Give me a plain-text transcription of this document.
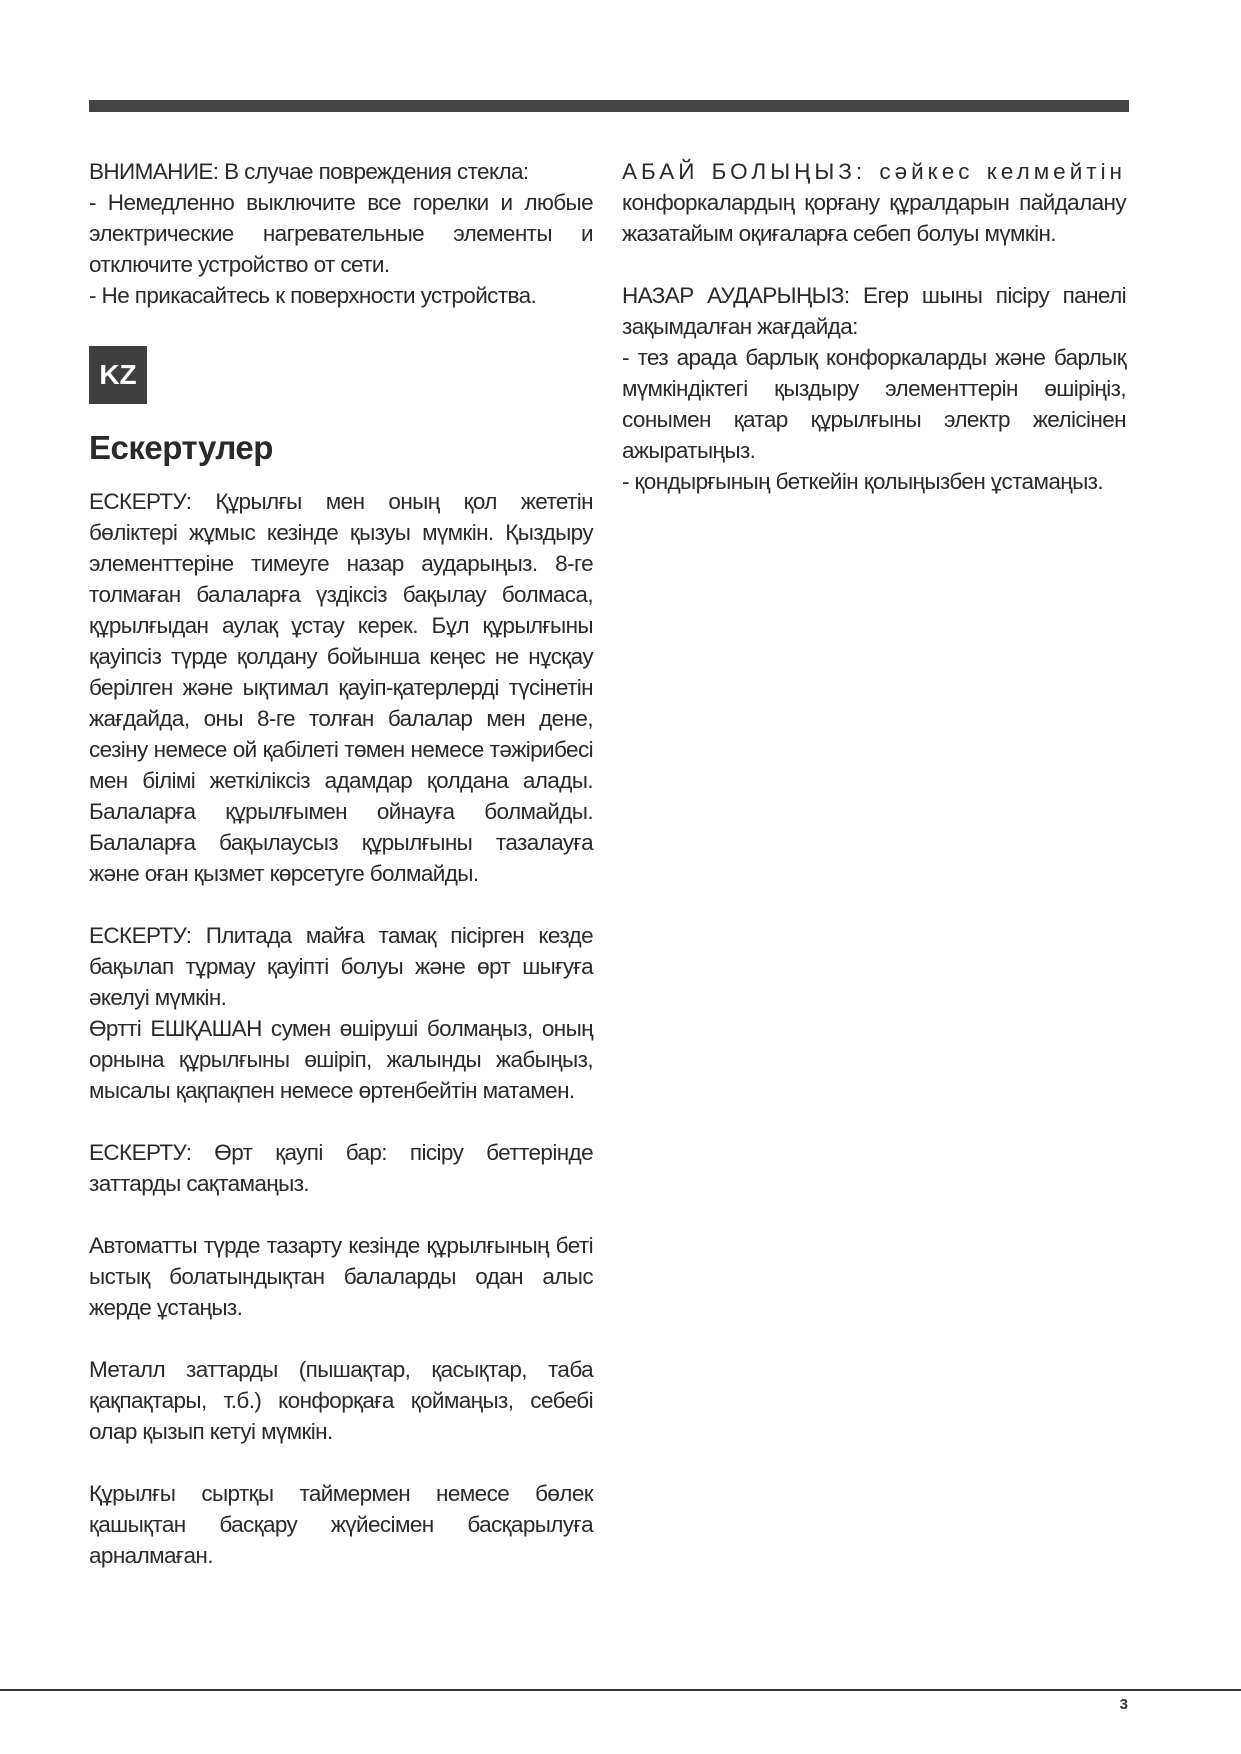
ВНИМАНИЕ: В случае повреждения стекла:

- Немедленно выключите все горелки и любые электрические нагревательные элементы и отключите устройство от сети.

- Не прикасайтесь к поверхности устройства.

KZ
Ескертулер

ЕСКЕРТУ: Құрылғы мен оның қол жететін бөліктері жұмыс кезінде қызуы мүмкін. Қыздыру элементтеріне тимеуге назар аударыңыз. 8-ге толмаған балаларға үздіксіз бақылау болмаса, құрылғыдан аулақ ұстау керек. Бұл құрылғыны қауіпсіз түрде қолдану бойынша кеңес не нұсқау берілген және ықтимал қауіп-қатерлерді түсінетін жағдайда, оны 8-ге толған балалар мен дене, сезіну немесе ой қабілеті төмен немесе тәжірибесі мен білімі жеткіліксіз адамдар қолдана алады. Балаларға құрылғымен ойнауға болмайды. Балаларға бақылаусыз құрылғыны тазалауға және оған қызмет көрсетуге болмайды.

ЕСКЕРТУ: Плитада майға тамақ пісірген кезде бақылап тұрмау қауіпті болуы және өрт шығуға әкелуі мүмкін.

Өртті ЕШҚАШАН сумен өшіруші болмаңыз, оның орнына құрылғыны өшіріп, жалынды жабыңыз, мысалы қақпақпен немесе өртенбейтін матамен.

ЕСКЕРТУ: Өрт қаупі бар: пісіру беттерінде заттарды сақтамаңыз.

Автоматты түрде тазарту кезінде құрылғының беті ыстық болатындықтан балаларды одан алыс жерде ұстаңыз.

Металл заттарды (пышақтар, қасықтар, таба қақпақтары, т.б.) конфорқаға қоймаңыз, себебі олар қызып кетуі мүмкін.

Құрылғы сыртқы таймермен немесе бөлек қашықтан басқару жүйесімен басқарылуға арналмаған.

АБАЙ БОЛЫҢЫЗ: сәйкес келмейтін конфоркалардың қорғану құралдарын пайдалану жазатайым оқиғаларға себеп болуы мүмкін.

НАЗАР АУДАРЫҢЫЗ: Егер шыны пісіру панелі зақымдалған жағдайда:

- тез арада барлық конфоркаларды және барлық мүмкіндіктегі қыздыру элементтерін өшіріңіз, сонымен қатар құрылғыны электр желісінен ажыратыңыз.

- қондырғының беткейін қолыңызбен ұстамаңыз.

3
